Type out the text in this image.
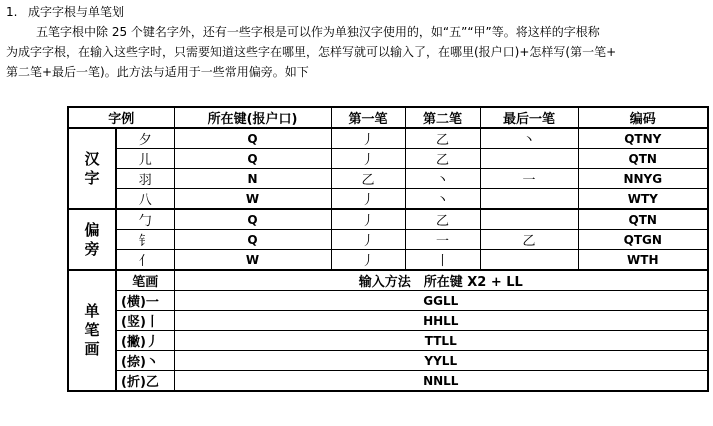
1. 成字字根与单笔划
五笔字根中除 25 个键名字外，还有一些字根是可以作为单独汉字使用的，如“五”“甲”等。将这样的字根称
为成字字根，在输入这些字时，只需要知道这些字在哪里，怎样写就可以输入了，在哪里(报户口)+怎样写(第一笔+
第二笔+最后一笔)。此方法与适用于一些常用偏旁。如下
字例		所在键(报户口)	第一笔	第二笔	最后一笔	编码
汉
字	夕	Q	丿	乙	丶	QTNY
	儿	Q	丿	乙		QTN
	羽	N	乙	丶	一	NNYG
	八	W	丿	丶		WTY
偏
旁	勹	Q	丿	乙		QTN
	钅	Q	丿	一	乙	QTGN
	亻	W	丿	丨		WTH
单
笔
画	笔画	输入方法　所在键 X2 + LL				
	(横)一	GGLL				
	(竖)丨	HHLL				
	(撇)丿	TTLL				
	(捺)丶	YYLL				
	(折)乙	NNLL				
